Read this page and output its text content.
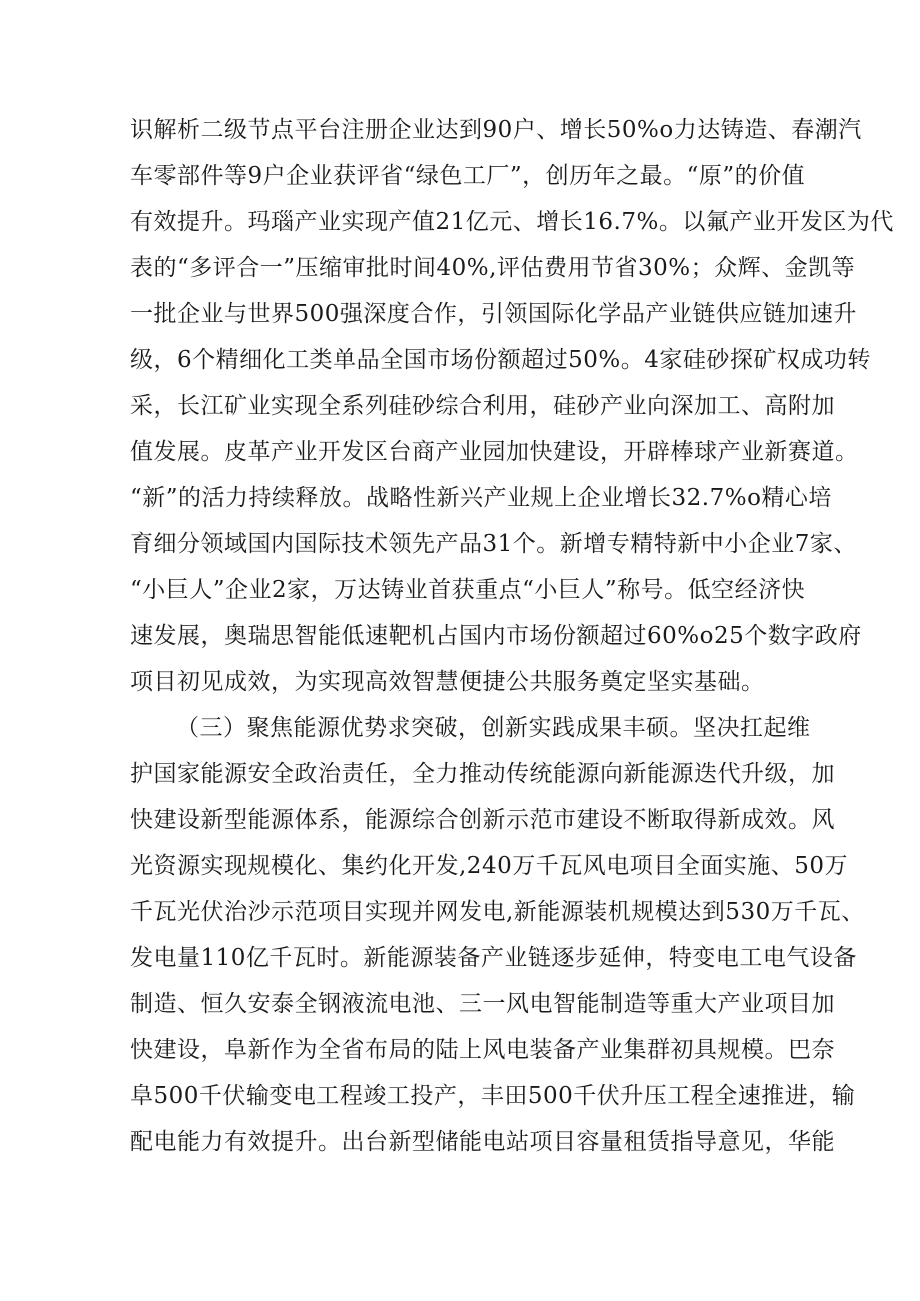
识解析二级节点平台注册企业达到90户、增长50%o力达铸造、春潮汽
车零部件等9户企业获评省“绿色工厂”，创历年之最。“原”的价值
有效提升。玛瑙产业实现产值21亿元、增长16.7%。以氟产业开发区为代
表的“多评合一”压缩审批时间40%,评估费用节省30%；众辉、金凯等
一批企业与世界500强深度合作，引领国际化学品产业链供应链加速升
级，6个精细化工类单品全国市场份额超过50%。4家硅砂探矿权成功转
采，长江矿业实现全系列硅砂综合利用，硅砂产业向深加工、高附加
值发展。皮革产业开发区台商产业园加快建设，开辟棒球产业新赛道。
“新”的活力持续释放。战略性新兴产业规上企业增长32.7%o精心培
育细分领域国内国际技术领先产品31个。新增专精特新中小企业7家、
“小巨人”企业2家，万达铸业首获重点“小巨人”称号。低空经济快
速发展，奥瑞思智能低速靶机占国内市场份额超过60%o25个数字政府
项目初见成效，为实现高效智慧便捷公共服务奠定坚实基础。
（三）聚焦能源优势求突破，创新实践成果丰硕。坚决扛起维
护国家能源安全政治责任，全力推动传统能源向新能源迭代升级，加
快建设新型能源体系，能源综合创新示范市建设不断取得新成效。风
光资源实现规模化、集约化开发,240万千瓦风电项目全面实施、50万
千瓦光伏治沙示范项目实现并网发电,新能源装机规模达到530万千瓦、
发电量110亿千瓦时。新能源装备产业链逐步延伸，特变电工电气设备
制造、恒久安泰全钢液流电池、三一风电智能制造等重大产业项目加
快建设，阜新作为全省布局的陆上风电装备产业集群初具规模。巴奈
阜500千伏输变电工程竣工投产，丰田500千伏升压工程全速推进，输
配电能力有效提升。出台新型储能电站项目容量租赁指导意见，华能
